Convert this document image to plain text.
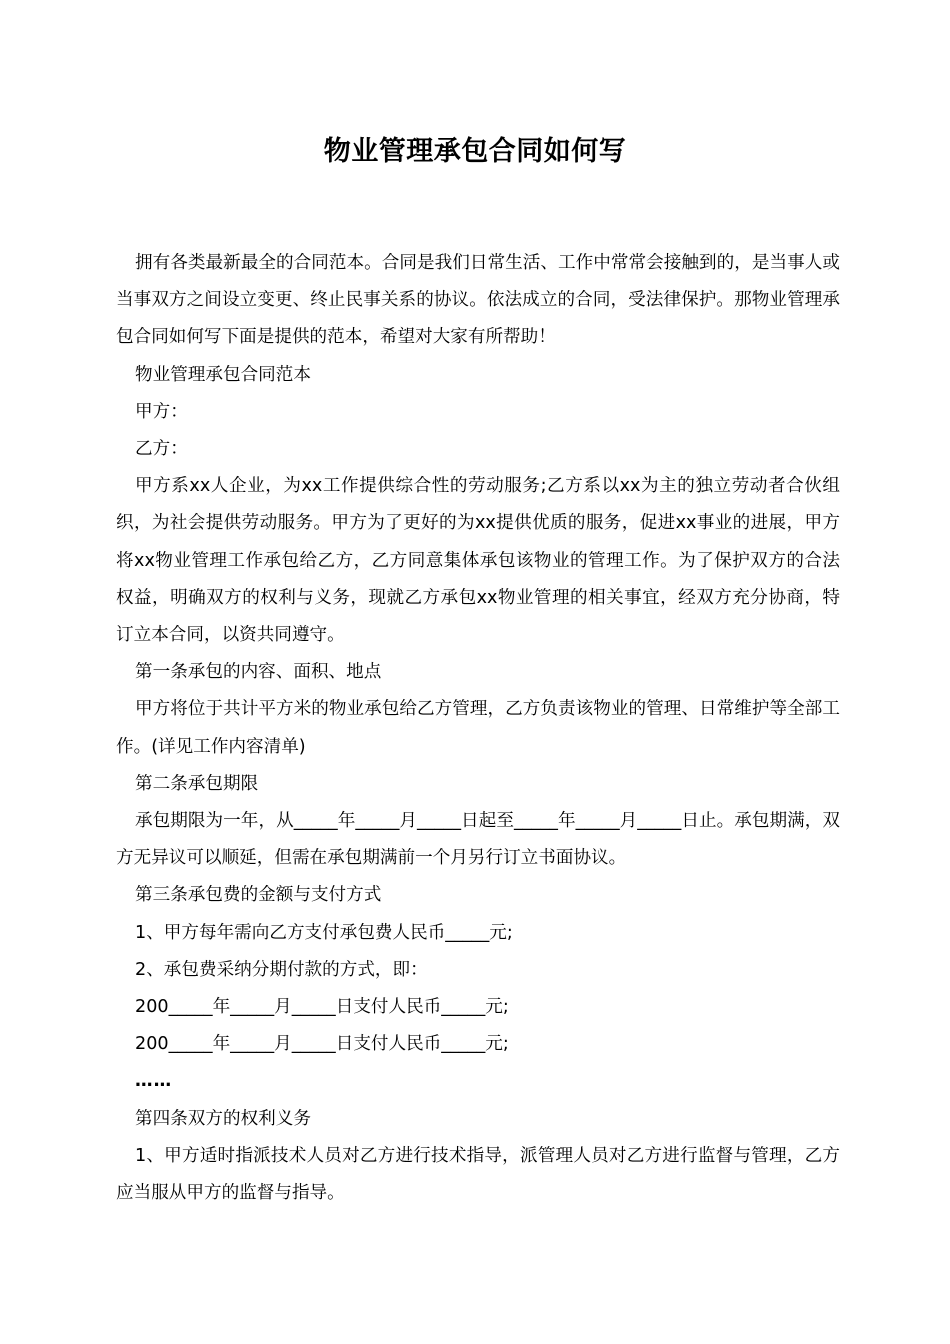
物业管理承包合同如何写

拥有各类最新最全的合同范本。合同是我们日常生活、工作中常常会接触到的，是当事人或当事双方之间设立变更、终止民事关系的协议。依法成立的合同，受法律保护。那物业管理承包合同如何写下面是提供的范本，希望对大家有所帮助！

物业管理承包合同范本

甲方：

乙方：

甲方系xx人企业，为xx工作提供综合性的劳动服务;乙方系以xx为主的独立劳动者合伙组织，为社会提供劳动服务。甲方为了更好的为xx提供优质的服务，促进xx事业的进展，甲方将xx物业管理工作承包给乙方，乙方同意集体承包该物业的管理工作。为了保护双方的合法权益，明确双方的权利与义务，现就乙方承包xx物业管理的相关事宜，经双方充分协商，特订立本合同，以资共同遵守。

第一条承包的内容、面积、地点

甲方将位于共计平方米的物业承包给乙方管理，乙方负责该物业的管理、日常维护等全部工作。(详见工作内容清单)

第二条承包期限

承包期限为一年，从_____年_____月_____日起至_____年_____月_____日止。承包期满，双方无异议可以顺延，但需在承包期满前一个月另行订立书面协议。

第三条承包费的金额与支付方式

1、甲方每年需向乙方支付承包费人民币_____元;

2、承包费采纳分期付款的方式，即：

200_____年_____月_____日支付人民币_____元;

200_____年_____月_____日支付人民币_____元;

……

第四条双方的权利义务

1、甲方适时指派技术人员对乙方进行技术指导，派管理人员对乙方进行监督与管理，乙方应当服从甲方的监督与指导。
